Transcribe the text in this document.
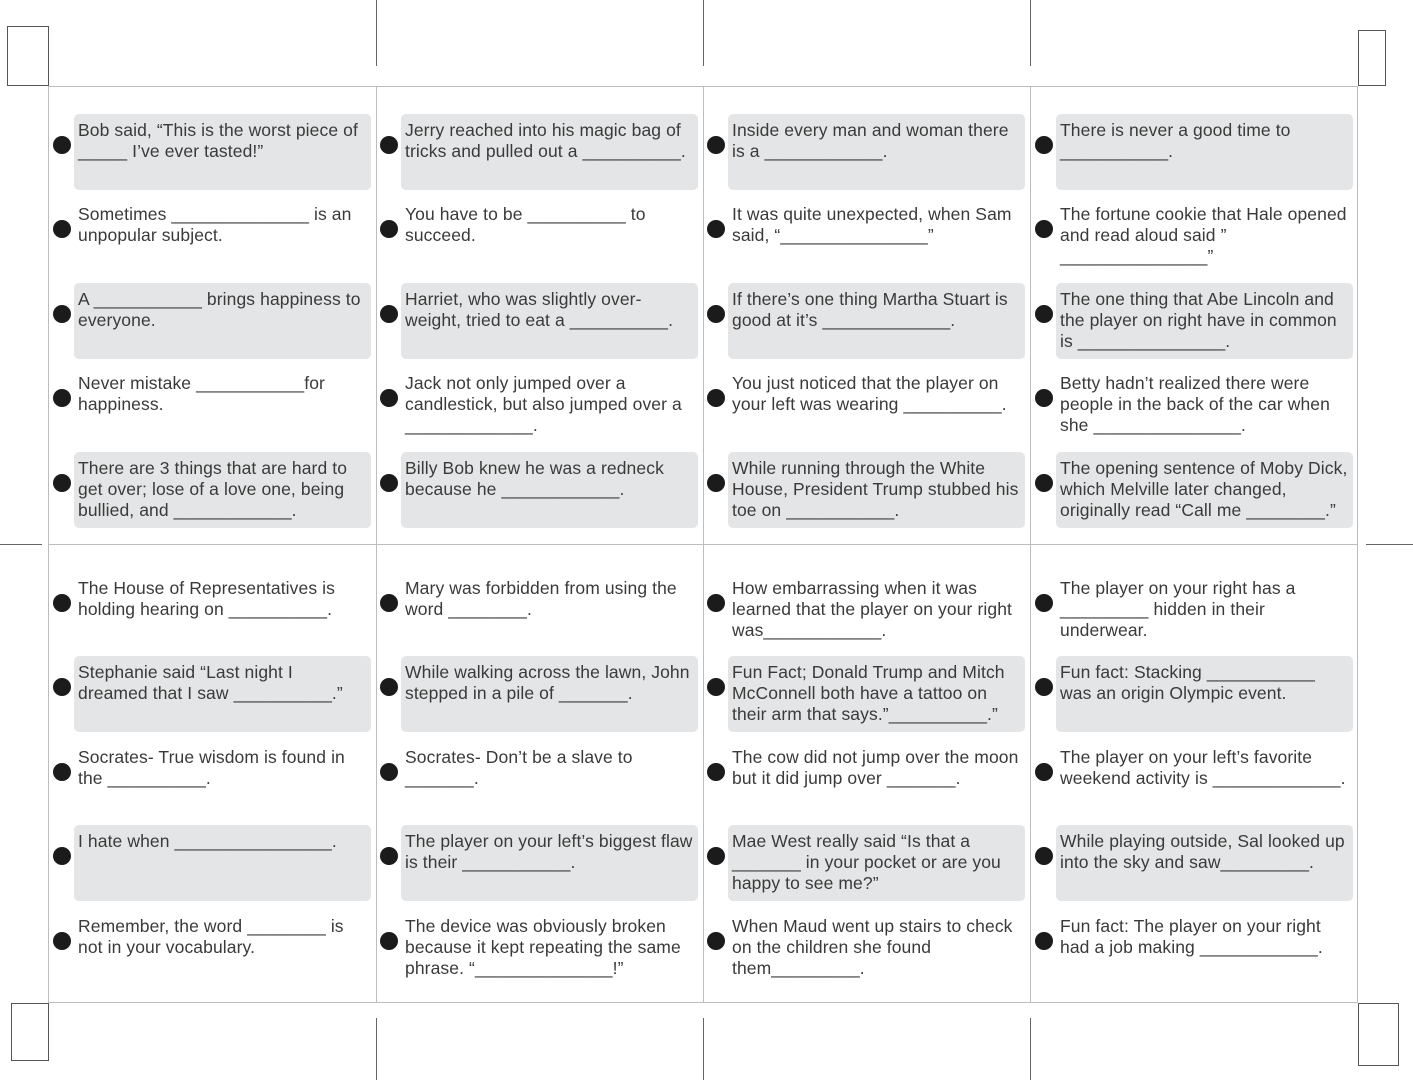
Bob said, “This is the worst piece of _____ I’ve ever tasted!”
Jerry reached into his magic bag of tricks and pulled out a __________.
Inside every man and woman there is a ____________.
There is never a good time to ___________.
Sometimes ______________ is an unpopular subject.
You have to be __________ to succeed.
It was quite unexpected, when Sam said, “_______________”
The fortune cookie that Hale opened and read aloud said ” _______________”
A ___________ brings happiness to everyone.
Harriet, who was slightly over-weight, tried to eat a __________.
If there’s one thing Martha Stuart is good at it’s _____________.
The one thing that Abe Lincoln and the player on right have in common is _______________.
Never mistake ___________for happiness.
Jack not only jumped over a candlestick, but also jumped over a _____________.
You just noticed that the player on your left was wearing __________.
Betty hadn’t realized there were people in the back of the car when she _______________.
There are 3 things that are hard to get over; lose of a love one, being bullied, and ____________.
Billy Bob knew he was a redneck because he ____________.
While running through the White House, President Trump stubbed his toe on ___________.
The opening sentence of Moby Dick, which Melville later changed, originally read “Call me ________.”
The House of Representatives is holding hearing on __________.
Mary was forbidden from using the word ________.
How embarrassing when it was learned that the player on your right was____________.
The player on your right has a _________ hidden in their underwear.
Stephanie said “Last night I dreamed that I saw __________.”
While walking across the lawn, John stepped in a pile of _______.
Fun Fact; Donald Trump and Mitch McConnell both have a tattoo on their arm that says.”__________.”
Fun fact: Stacking ___________ was an origin Olympic event.
Socrates- True wisdom is found in the __________.
Socrates- Don’t be a slave to _______.
The cow did not jump over the moon but it did jump over _______.
The player on your left’s favorite weekend activity is _____________.
I hate when ________________.	The player on your left’s biggest flaw is their ___________.
Mae West really said “Is that a _______ in your pocket or are you happy to see me?”
While playing outside, Sal looked up into the sky and saw_________.
Remember, the word ________ is not in your vocabulary.
The device was obviously broken because it kept repeating the same phrase. “______________!”
When Maud went up stairs to check on the children she found them_________.
Fun fact: The player on your right had a job making ____________.
